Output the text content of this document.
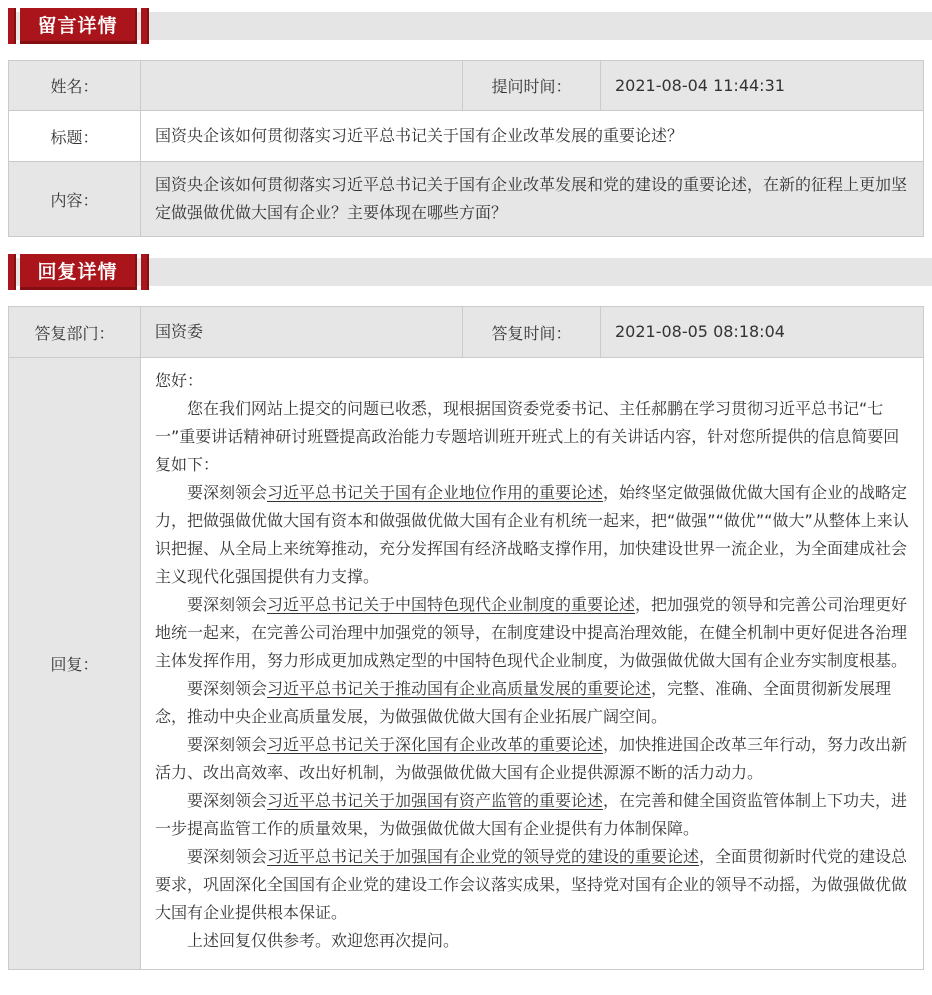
留言详情
姓名：		提问时间：	2021-08-04 11:44:31
标题：	国资央企该如何贯彻落实习近平总书记关于国有企业改革发展的重要论述？		
内容：	国资央企该如何贯彻落实习近平总书记关于国有企业改革发展和党的建设的重要论述，在新的征程上更加坚定做强做优做大国有企业？主要体现在哪些方面？		
回复详情
答复部门：	国资委	答复时间：	2021-08-05 08:18:04
回复：	

您好：

您在我们网站上提交的问题已收悉，现根据国资委党委书记、主任郝鹏在学习贯彻习近平总书记“七一”重要讲话精神研讨班暨提高政治能力专题培训班开班式上的有关讲话内容，针对您所提供的信息简要回复如下：

要深刻领会习近平总书记关于国有企业地位作用的重要论述，始终坚定做强做优做大国有企业的战略定力，把做强做优做大国有资本和做强做优做大国有企业有机统一起来，把“做强”“做优”“做大”从整体上来认识把握、从全局上来统筹推动，充分发挥国有经济战略支撑作用，加快建设世界一流企业，为全面建成社会主义现代化强国提供有力支撑。

要深刻领会习近平总书记关于中国特色现代企业制度的重要论述，把加强党的领导和完善公司治理更好地统一起来，在完善公司治理中加强党的领导，在制度建设中提高治理效能，在健全机制中更好促进各治理主体发挥作用，努力形成更加成熟定型的中国特色现代企业制度，为做强做优做大国有企业夯实制度根基。

要深刻领会习近平总书记关于推动国有企业高质量发展的重要论述，完整、准确、全面贯彻新发展理念，推动中央企业高质量发展，为做强做优做大国有企业拓展广阔空间。

要深刻领会习近平总书记关于深化国有企业改革的重要论述，加快推进国企改革三年行动，努力改出新活力、改出高效率、改出好机制，为做强做优做大国有企业提供源源不断的活力动力。

要深刻领会习近平总书记关于加强国有资产监管的重要论述，在完善和健全国资监管体制上下功夫，进一步提高监管工作的质量效果，为做强做优做大国有企业提供有力体制保障。

要深刻领会习近平总书记关于加强国有企业党的领导党的建设的重要论述，全面贯彻新时代党的建设总要求，巩固深化全国国有企业党的建设工作会议落实成果，坚持党对国有企业的领导不动摇，为做强做优做大国有企业提供根本保证。

上述回复仅供参考。欢迎您再次提问。
